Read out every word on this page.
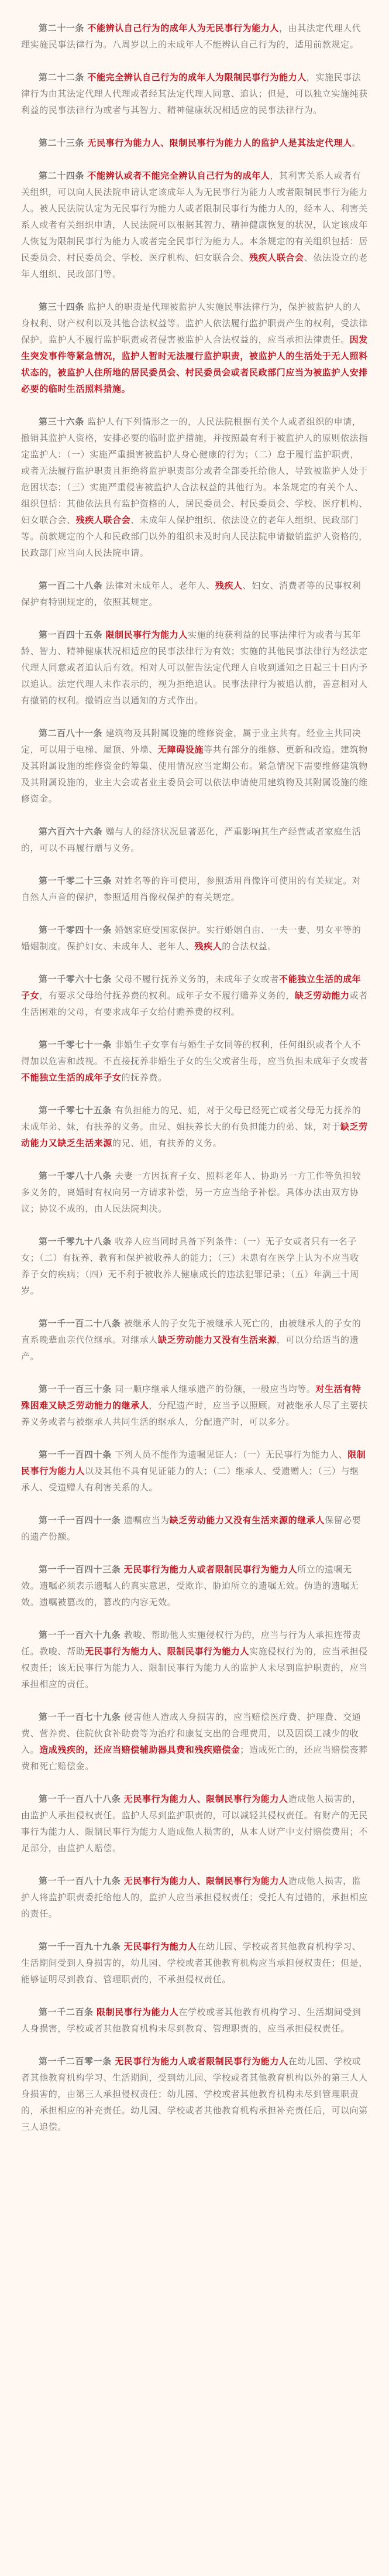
第二十一条 不能辨认自己行为的成年人为无民事行为能力人，由其法定代理人代理实施民事法律行为。八周岁以上的未成年人不能辨认自己行为的，适用前款规定。

第二十二条 不能完全辨认自己行为的成年人为限制民事行为能力人，实施民事法律行为由其法定代理人代理或者经其法定代理人同意、追认；但是，可以独立实施纯获利益的民事法律行为或者与其智力、精神健康状况相适应的民事法律行为。

第二十三条 无民事行为能力人、限制民事行为能力人的监护人是其法定代理人。

第二十四条 不能辨认或者不能完全辨认自己行为的成年人，其利害关系人或者有关组织，可以向人民法院申请认定该成年人为无民事行为能力人或者限制民事行为能力人。被人民法院认定为无民事行为能力人或者限制民事行为能力人的，经本人、利害关系人或者有关组织申请，人民法院可以根据其智力、精神健康恢复的状况，认定该成年人恢复为限制民事行为能力人或者完全民事行为能力人。本条规定的有关组织包括：居民委员会、村民委员会、学校、医疗机构、妇女联合会、残疾人联合会、依法设立的老年人组织、民政部门等。

第三十四条 监护人的职责是代理被监护人实施民事法律行为，保护被监护人的人身权利、财产权利以及其他合法权益等。监护人依法履行监护职责产生的权利，受法律保护。监护人不履行监护职责或者侵害被监护人合法权益的，应当承担法律责任。因发生突发事件等紧急情况，监护人暂时无法履行监护职责，被监护人的生活处于无人照料状态的，被监护人住所地的居民委员会、村民委员会或者民政部门应当为被监护人安排必要的临时生活照料措施。

第三十六条 监护人有下列情形之一的，人民法院根据有关个人或者组织的申请，撤销其监护人资格，安排必要的临时监护措施，并按照最有利于被监护人的原则依法指定监护人：（一）实施严重损害被监护人身心健康的行为；（二）怠于履行监护职责，或者无法履行监护职责且拒绝将监护职责部分或者全部委托给他人，导致被监护人处于危困状态；（三）实施严重侵害被监护人合法权益的其他行为。本条规定的有关个人、组织包括：其他依法具有监护资格的人，居民委员会、村民委员会、学校、医疗机构、妇女联合会、残疾人联合会、未成年人保护组织、依法设立的老年人组织、民政部门等。前款规定的个人和民政部门以外的组织未及时向人民法院申请撤销监护人资格的，民政部门应当向人民法院申请。

第一百二十八条 法律对未成年人、老年人、残疾人、妇女、消费者等的民事权利保护有特别规定的，依照其规定。

第一百四十五条 限制民事行为能力人实施的纯获利益的民事法律行为或者与其年龄、智力、精神健康状况相适应的民事法律行为有效；实施的其他民事法律行为经法定代理人同意或者追认后有效。相对人可以催告法定代理人自收到通知之日起三十日内予以追认。法定代理人未作表示的，视为拒绝追认。民事法律行为被追认前，善意相对人有撤销的权利。撤销应当以通知的方式作出。

第二百八十一条 建筑物及其附属设施的维修资金，属于业主共有。经业主共同决定，可以用于电梯、屋顶、外墙、无障碍设施等共有部分的维修、更新和改造。建筑物及其附属设施的维修资金的筹集、使用情况应当定期公布。紧急情况下需要维修建筑物及其附属设施的，业主大会或者业主委员会可以依法申请使用建筑物及其附属设施的维修资金。

第六百六十六条 赠与人的经济状况显著恶化，严重影响其生产经营或者家庭生活的，可以不再履行赠与义务。

第一千零二十三条 对姓名等的许可使用，参照适用肖像许可使用的有关规定。对自然人声音的保护，参照适用肖像权保护的有关规定。

第一千零四十一条 婚姻家庭受国家保护。实行婚姻自由、一夫一妻、男女平等的婚姻制度。保护妇女、未成年人、老年人、残疾人的合法权益。

第一千零六十七条 父母不履行抚养义务的，未成年子女或者不能独立生活的成年子女，有要求父母给付抚养费的权利。成年子女不履行赡养义务的，缺乏劳动能力或者生活困难的父母，有要求成年子女给付赡养费的权利。

第一千零七十一条 非婚生子女享有与婚生子女同等的权利，任何组织或者个人不得加以危害和歧视。不直接抚养非婚生子女的生父或者生母，应当负担未成年子女或者不能独立生活的成年子女的抚养费。

第一千零七十五条 有负担能力的兄、姐，对于父母已经死亡或者父母无力抚养的未成年弟、妹，有扶养的义务。由兄、姐扶养长大的有负担能力的弟、妹，对于缺乏劳动能力又缺乏生活来源的兄、姐，有扶养的义务。

第一千零八十八条 夫妻一方因抚育子女、照料老年人、协助另一方工作等负担较多义务的，离婚时有权向另一方请求补偿，另一方应当给予补偿。具体办法由双方协议；协议不成的，由人民法院判决。

第一千零九十八条 收养人应当同时具备下列条件：（一）无子女或者只有一名子女；（二）有抚养、教育和保护被收养人的能力；（三）未患有在医学上认为不应当收养子女的疾病；（四）无不利于被收养人健康成长的违法犯罪记录；（五）年满三十周岁。

第一千一百二十八条 被继承人的子女先于被继承人死亡的，由被继承人的子女的直系晚辈血亲代位继承。对继承人缺乏劳动能力又没有生活来源，可以分给适当的遗产。

第一千一百三十条 同一顺序继承人继承遗产的份额，一般应当均等。对生活有特殊困难又缺乏劳动能力的继承人，分配遗产时，应当予以照顾。对被继承人尽了主要扶养义务或者与被继承人共同生活的继承人，分配遗产时，可以多分。

第一千一百四十条 下列人员不能作为遗嘱见证人：（一）无民事行为能力人、限制民事行为能力人以及其他不具有见证能力的人；（二）继承人、受遗赠人；（三）与继承人、受遗赠人有利害关系的人。

第一千一百四十一条 遗嘱应当为缺乏劳动能力又没有生活来源的继承人保留必要的遗产份额。

第一千一百四十三条 无民事行为能力人或者限制民事行为能力人所立的遗嘱无效。遗嘱必须表示遗嘱人的真实意思，受欺诈、胁迫所立的遗嘱无效。伪造的遗嘱无效。遗嘱被篡改的，篡改的内容无效。

第一千一百六十九条 教唆、帮助他人实施侵权行为的，应当与行为人承担连带责任。教唆、帮助无民事行为能力人、限制民事行为能力人实施侵权行为的，应当承担侵权责任；该无民事行为能力人、限制民事行为能力人的监护人未尽到监护职责的，应当承担相应的责任。

第一千一百七十九条 侵害他人造成人身损害的，应当赔偿医疗费、护理费、交通费、营养费、住院伙食补助费等为治疗和康复支出的合理费用，以及因误工减少的收入。造成残疾的，还应当赔偿辅助器具费和残疾赔偿金；造成死亡的，还应当赔偿丧葬费和死亡赔偿金。

第一千一百八十八条 无民事行为能力人、限制民事行为能力人造成他人损害的，由监护人承担侵权责任。监护人尽到监护职责的，可以减轻其侵权责任。有财产的无民事行为能力人、限制民事行为能力人造成他人损害的，从本人财产中支付赔偿费用；不足部分，由监护人赔偿。

第一千一百八十九条 无民事行为能力人、限制民事行为能力人造成他人损害，监护人将监护职责委托给他人的，监护人应当承担侵权责任；受托人有过错的，承担相应的责任。

第一千一百九十九条 无民事行为能力人在幼儿园、学校或者其他教育机构学习、生活期间受到人身损害的，幼儿园、学校或者其他教育机构应当承担侵权责任；但是，能够证明尽到教育、管理职责的，不承担侵权责任。

第一千二百条 限制民事行为能力人在学校或者其他教育机构学习、生活期间受到人身损害，学校或者其他教育机构未尽到教育、管理职责的，应当承担侵权责任。

第一千二百零一条 无民事行为能力人或者限制民事行为能力人在幼儿园、学校或者其他教育机构学习、生活期间，受到幼儿园、学校或者其他教育机构以外的第三人人身损害的，由第三人承担侵权责任；幼儿园、学校或者其他教育机构未尽到管理职责的，承担相应的补充责任。幼儿园、学校或者其他教育机构承担补充责任后，可以向第三人追偿。
